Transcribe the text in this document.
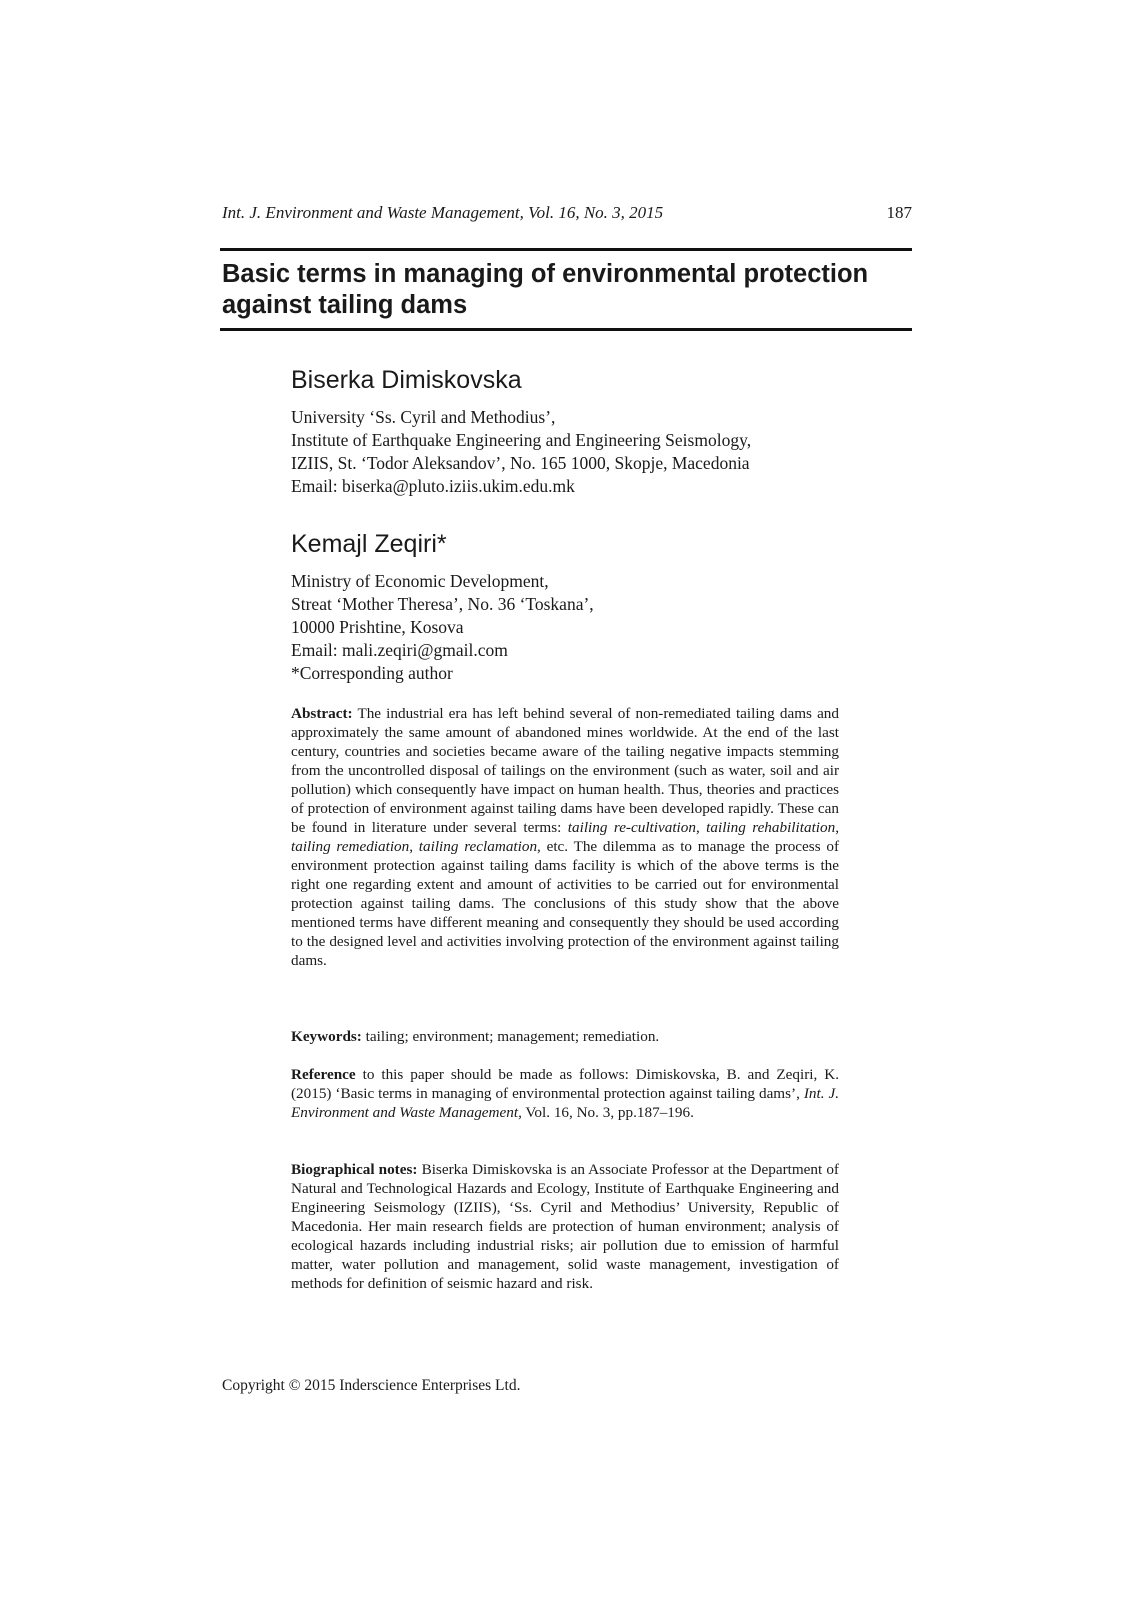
Int. J. Environment and Waste Management, Vol. 16, No. 3, 2015	187
Basic terms in managing of environmental protection
against tailing dams
Biserka Dimiskovska
University ‘Ss. Cyril and Methodius’,
Institute of Earthquake Engineering and Engineering Seismology,
IZIIS, St. ‘Todor Aleksandov’, No. 165 1000, Skopje, Macedonia
Email: biserka@pluto.iziis.ukim.edu.mk
Kemajl Zeqiri*
Ministry of Economic Development,
Streat ‘Mother Theresa’, No. 36 ‘Toskana’,
10000 Prishtine, Kosova
Email: mali.zeqiri@gmail.com
*Corresponding author

Abstract: The industrial era has left behind several of non-remediated tailing dams and approximately the same amount of abandoned mines worldwide. At the end of the last century, countries and societies became aware of the tailing negative impacts stemming from the uncontrolled disposal of tailings on the environment (such as water, soil and air pollution) which consequently have impact on human health. Thus, theories and practices of protection of environment against tailing dams have been developed rapidly. These can be found in literature under several terms: tailing re-cultivation, tailing rehabilitation, tailing remediation, tailing reclamation, etc. The dilemma as to manage the process of environment protection against tailing dams facility is which of the above terms is the right one regarding extent and amount of activities to be carried out for environmental protection against tailing dams. The conclusions of this study show that the above mentioned terms have different meaning and consequently they should be used according to the designed level and activities involving protection of the environment against tailing dams.

Keywords: tailing; environment; management; remediation.

Reference to this paper should be made as follows: Dimiskovska, B. and Zeqiri, K. (2015) ‘Basic terms in managing of environmental protection against tailing dams’, Int. J. Environment and Waste Management, Vol. 16, No. 3, pp.187–196.

Biographical notes: Biserka Dimiskovska is an Associate Professor at the Department of Natural and Technological Hazards and Ecology, Institute of Earthquake Engineering and Engineering Seismology (IZIIS), ‘Ss. Cyril and Methodius’ University, Republic of Macedonia. Her main research fields are protection of human environment; analysis of ecological hazards including industrial risks; air pollution due to emission of harmful matter, water pollution and management, solid waste management, investigation of methods for definition of seismic hazard and risk.

Copyright © 2015 Inderscience Enterprises Ltd.
